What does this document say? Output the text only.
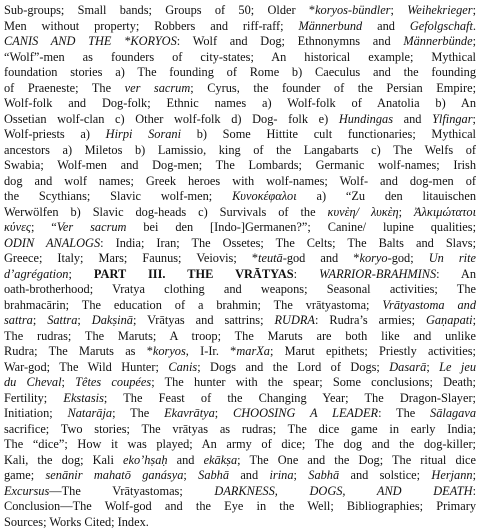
Sub-groups; Small bands; Groups of 50; Older *koryos-bündler; Weihekrieger;
Men without property; Robbers and riff-raff; Männerbund and Gefolgschaft.
CANIS AND THE *KORYOS: Wolf and Dog; Ethnonymns and Männerbünde;
“Wolf”-men as founders of city-states; An historical example; Mythical
foundation stories a) The founding of Rome b) Caeculus and the founding
of Praeneste; The ver sacrum; Cyrus, the founder of the Persian Empire;
Wolf-folk and Dog-folk; Ethnic names a) Wolf-folk of Anatolia b) An
Ossetian wolf-clan c) Other wolf-folk d) Dog- folk e) Hundingas and Ylfingar;
Wolf-priests a) Hirpi Sorani b) Some Hittite cult functionaries; Mythical
ancestors a) Miletos b) Lamissio, king of the Langabarts c) The Welfs of
Swabia; Wolf-men and Dog-men; The Lombards; Germanic wolf-names; Irish
dog and wolf names; Greek heroes with wolf-names; Wolf- and dog-men of
the Scythians; Slavic wolf-men; Κυνοκέφαλοι a) “Zu den litauischen
Werwölfen b) Slavic dog-heads c) Survivals of the κυνὲη/ λυκὲη; Ἀλκιμώτατοι
κύνες; “Ver sacrum bei den [Indo-]Germanen?”; Canine/ lupine qualities;
ODIN ANALOGS: India; Iran; The Ossetes; The Celts; The Balts and Slavs;
Greece; Italy; Mars; Faunus; Veiovis; *teutā-god and *koryo-god; Un rite
d’agrégation; PART III. THE VRĀTYAS: WARRIOR-BRAHMINS: An
oath-brotherhood; Vratya clothing and weapons; Seasonal activities; The
brahmacārin; The education of a brahmin; The vrātyastoma; Vrātyastoma and
sattra; Sattra; Dakṣinā; Vrātyas and sattrins; RUDRA: Rudra’s armies; Gaṇapati;
The rudras; The Maruts; A troop; The Maruts are both like and unlike
Rudra; The Maruts as *koryos, I-Ir. *marXa; Marut epithets; Priestly activities;
War-god; The Wild Hunter; Canis; Dogs and the Lord of Dogs; Dasarā; Le jeu
du Cheval; Têtes coupées; The hunter with the spear; Some conclusions; Death;
Fertility; Ekstasis; The Feast of the Changing Year; The Dragon-Slayer;
Initiation; Natarāja; The Ekavrātya; CHOOSING A LEADER: The Sālagava
sacrifice; Two stories; The vrātyas as rudras; The dice game in early India;
The “dice”; How it was played; An army of dice; The dog and the dog-killer;
Kali, the dog; Kali eko’hṣaḥ and ekākṣa; The One and the Dog; The ritual dice
game; senānir mahatō ganásya; Sabhā and irina; Sabhā and solstice; Herjann;
Excursus—The Vrātyastomas; DARKNESS, DOGS, AND DEATH:
Conclusion—The Wolf-god and the Eye in the Well; Bibliographies; Primary
Sources; Works Cited; Index.
